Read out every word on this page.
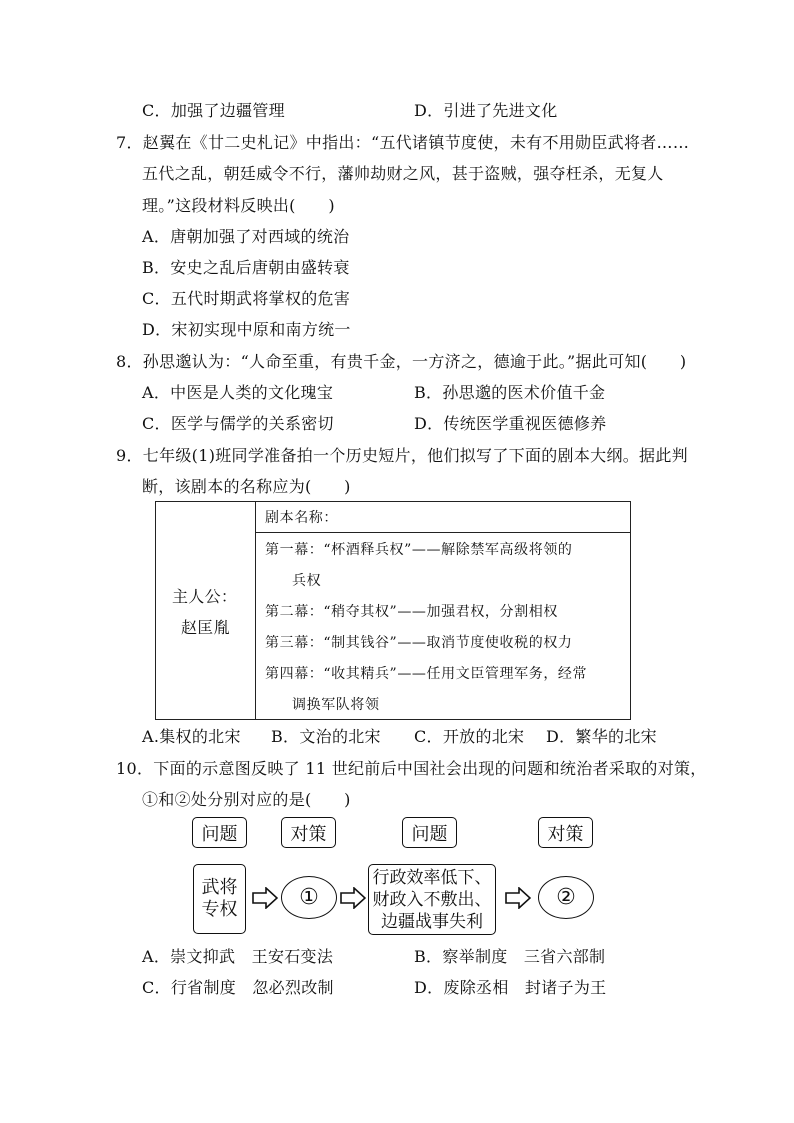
C．加强了边疆管理	D．引进了先进文化
7．赵翼在《廿二史札记》中指出：“五代诸镇节度使，未有不用勋臣武将者……
五代之乱，朝廷威令不行，藩帅劫财之风，甚于盗贼，强夺枉杀，无复人
理。”这段材料反映出(　　)
A．唐朝加强了对西域的统治
B．安史之乱后唐朝由盛转衰
C．五代时期武将掌权的危害
D．宋初实现中原和南方统一
8．孙思邈认为：“人命至重，有贵千金，一方济之，德逾于此。”据此可知(　　)
A．中医是人类的文化瑰宝	B．孙思邈的医术价值千金
C．医学与儒学的关系密切	D．传统医学重视医德修养
9．七年级(1)班同学准备拍一个历史短片，他们拟写了下面的剧本大纲。据此判
断，该剧本的名称应为(　　)
主人公：
赵匡胤
剧本名称：
第一幕：“杯酒释兵权”——解除禁军高级将领的
兵权
第二幕：“稍夺其权”——加强君权，分割相权
第三幕：“制其钱谷”——取消节度使收税的权力
第四幕：“收其精兵”——任用文臣管理军务，经常
调换军队将领
A.集权的北宋 B．文治的北宋 C．开放的北宋 D．繁华的北宋
10．下面的示意图反映了 11 世纪前后中国社会出现的问题和统治者采取的对策，
①和②处分别对应的是(　　)
问题	对策	问题	对策
武将
专权	①
行政效率低下、
财政入不敷出、
边疆战事失利
②
A．崇文抑武　王安石变法	B．察举制度　三省六部制
C．行省制度　忽必烈改制	D．废除丞相　封诸子为王
